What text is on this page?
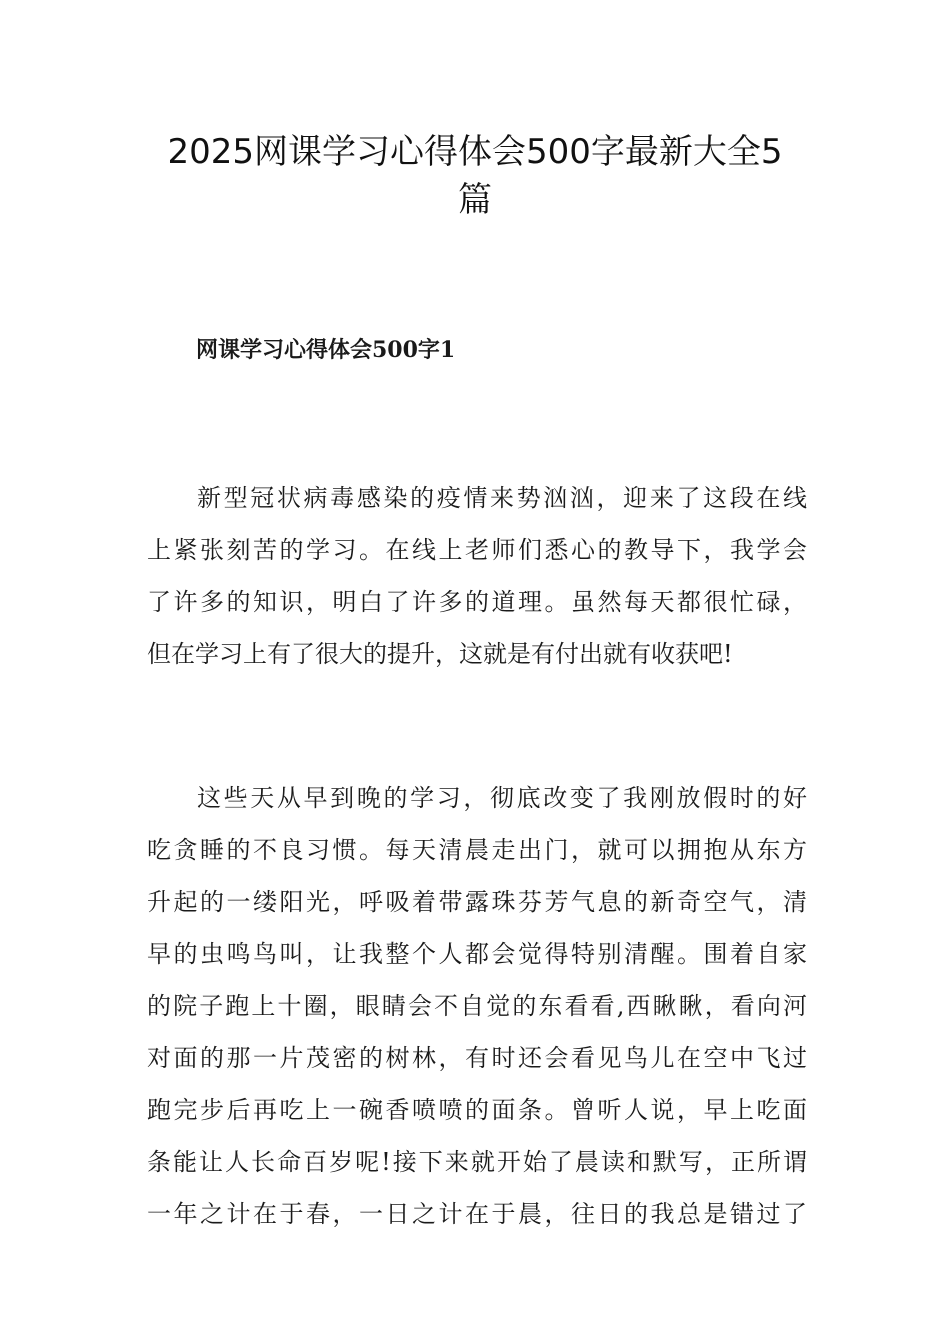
2025网课学习心得体会500字最新大全5
篇
网课学习心得体会500字1
新型冠状病毒感染的疫情来势汹汹，迎来了这段在线
上紧张刻苦的学习。在线上老师们悉心的教导下，我学会
了许多的知识，明白了许多的道理。虽然每天都很忙碌，
但在学习上有了很大的提升，这就是有付出就有收获吧!
这些天从早到晚的学习，彻底改变了我刚放假时的好
吃贪睡的不良习惯。每天清晨走出门，就可以拥抱从东方
升起的一缕阳光，呼吸着带露珠芬芳气息的新奇空气，清
早的虫鸣鸟叫，让我整个人都会觉得特别清醒。围着自家
的院子跑上十圈，眼睛会不自觉的东看看,西瞅瞅，看向河
对面的那一片茂密的树林，有时还会看见鸟儿在空中飞过
跑完步后再吃上一碗香喷喷的面条。曾听人说，早上吃面
条能让人长命百岁呢!接下来就开始了晨读和默写，正所谓
一年之计在于春，一日之计在于晨，往日的我总是错过了
